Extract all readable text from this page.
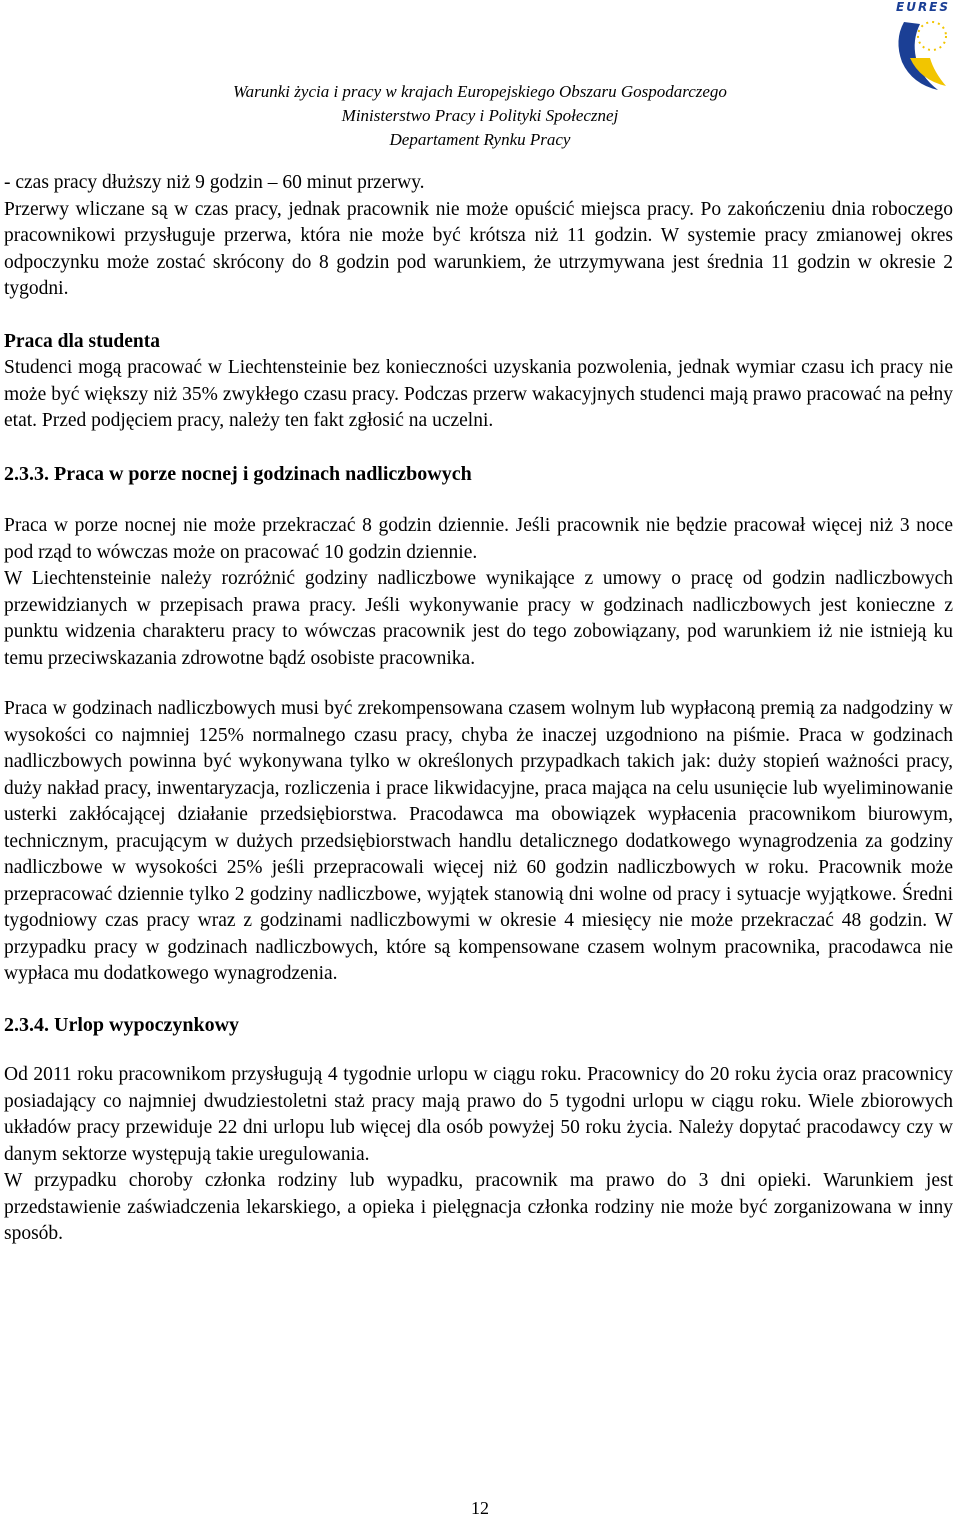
EURES
Warunki życia i pracy w krajach Europejskiego Obszaru Gospodarczego
Ministerstwo Pracy i Polityki Społecznej
Departament Rynku Pracy

- czas pracy dłuższy niż 9 godzin – 60 minut przerwy.

Przerwy wliczane są w czas pracy, jednak pracownik nie może opuścić miejsca pracy. Po zakończeniu dnia roboczego pracownikowi przysługuje przerwa, która nie może być krótsza niż 11 godzin. W systemie pracy zmianowej okres odpoczynku może zostać skrócony do 8 godzin pod warunkiem, że utrzymywana jest średnia 11 godzin w okresie 2 tygodni.

Praca dla studenta

Studenci mogą pracować w Liechtensteinie bez konieczności uzyskania pozwolenia, jednak wymiar czasu ich pracy nie może być większy niż 35% zwykłego czasu pracy. Podczas przerw wakacyjnych studenci mają prawo pracować na pełny etat. Przed podjęciem pracy, należy ten fakt zgłosić na uczelni.

2.3.3. Praca w porze nocnej i godzinach nadliczbowych

Praca w porze nocnej nie może przekraczać 8 godzin dziennie. Jeśli pracownik nie będzie pracował więcej niż 3 noce pod rząd to wówczas może on pracować 10 godzin dziennie.

W Liechtensteinie należy rozróżnić godziny nadliczbowe wynikające z umowy o pracę od godzin nadliczbowych przewidzianych w przepisach prawa pracy. Jeśli wykonywanie pracy w godzinach nadliczbowych jest konieczne z punktu widzenia charakteru pracy to wówczas pracownik jest do tego zobowiązany, pod warunkiem iż nie istnieją ku temu przeciwskazania zdrowotne bądź osobiste pracownika.

Praca w godzinach nadliczbowych musi być zrekompensowana czasem wolnym lub wypłaconą premią za nadgodziny w wysokości co najmniej 125% normalnego czasu pracy, chyba że inaczej uzgodniono na piśmie. Praca w godzinach nadliczbowych powinna być wykonywana tylko w określonych przypadkach takich jak: duży stopień ważności pracy, duży nakład pracy, inwentaryzacja, rozliczenia i prace likwidacyjne, praca mająca na celu usunięcie lub wyeliminowanie usterki zakłócającej działanie przedsiębiorstwa. Pracodawca ma obowiązek wypłacenia pracownikom biurowym, technicznym, pracującym w dużych przedsiębiorstwach handlu detalicznego dodatkowego wynagrodzenia za godziny nadliczbowe w wysokości 25% jeśli przepracowali więcej niż 60 godzin nadliczbowych w roku. Pracownik może przepracować dziennie tylko 2 godziny nadliczbowe, wyjątek stanowią dni wolne od pracy i sytuacje wyjątkowe. Średni tygodniowy czas pracy wraz z godzinami nadliczbowymi w okresie 4 miesięcy nie może przekraczać 48 godzin. W przypadku pracy w godzinach nadliczbowych, które są kompensowane czasem wolnym pracownika, pracodawca nie wypłaca mu dodatkowego wynagrodzenia.

2.3.4. Urlop wypoczynkowy

Od 2011 roku pracownikom przysługują 4 tygodnie urlopu w ciągu roku. Pracownicy do 20 roku życia oraz pracownicy posiadający co najmniej dwudziestoletni staż pracy mają prawo do 5 tygodni urlopu w ciągu roku. Wiele zbiorowych układów pracy przewiduje 22 dni urlopu lub więcej dla osób powyżej 50 roku życia. Należy dopytać pracodawcy czy w danym sektorze występują takie uregulowania.

W przypadku choroby członka rodziny lub wypadku, pracownik ma prawo do 3 dni opieki. Warunkiem jest przedstawienie zaświadczenia lekarskiego, a opieka i pielęgnacja członka rodziny nie może być zorganizowana w inny sposób.

12
